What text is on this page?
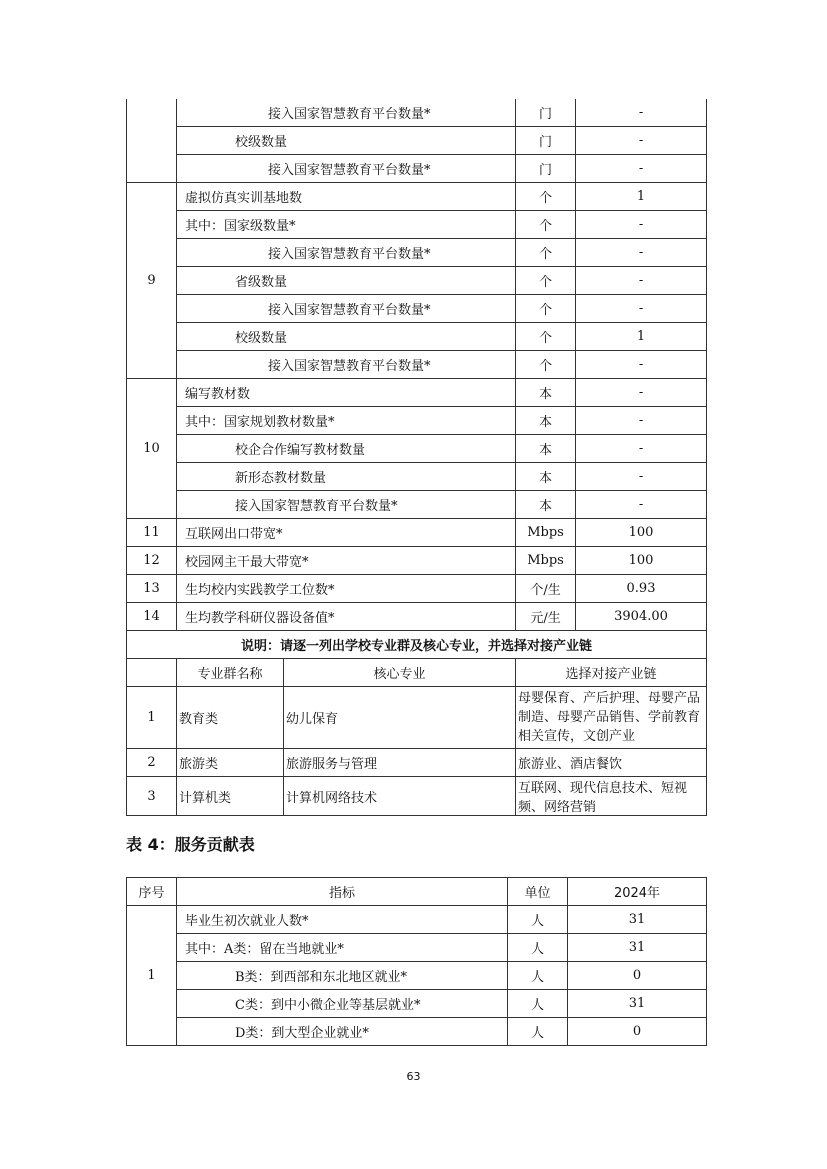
	接入国家智慧教育平台数量*		门	-
	校级数量		门	-
	接入国家智慧教育平台数量*		门	-
9	虚拟仿真实训基地数		个	1
	其中：国家级数量*		个	-
	接入国家智慧教育平台数量*		个	-
	省级数量		个	-
	接入国家智慧教育平台数量*		个	-
	校级数量		个	1
	接入国家智慧教育平台数量*		个	-
10	编写教材数		本	-
	其中：国家规划教材数量*		本	-
	校企合作编写教材数量		本	-
	新形态教材数量		本	-
	接入国家智慧教育平台数量*		本	-
11	互联网出口带宽*		Mbps	100
12	校园网主干最大带宽*		Mbps	100
13	生均校内实践教学工位数*		个/生	0.93
14	生均教学科研仪器设备值*		元/生	3904.00
说明：请逐一列出学校专业群及核心专业，并选择对接产业链				
	专业群名称	核心专业	选择对接产业链	
1	教育类	幼儿保育	母婴保育、产后护理、母婴产品制造、母婴产品销售、学前教育相关宣传，文创产业	
2	旅游类	旅游服务与管理	旅游业、酒店餐饮	
3	计算机类	计算机网络技术	互联网、现代信息技术、短视频、网络营销	
表 4：服务贡献表
序号	指标	单位	2024年
1	毕业生初次就业人数*	人	31
	其中：A类：留在当地就业*	人	31
	B类：到西部和东北地区就业*	人	0
	C类：到中小微企业等基层就业*	人	31
	D类：到大型企业就业*	人	0
63
